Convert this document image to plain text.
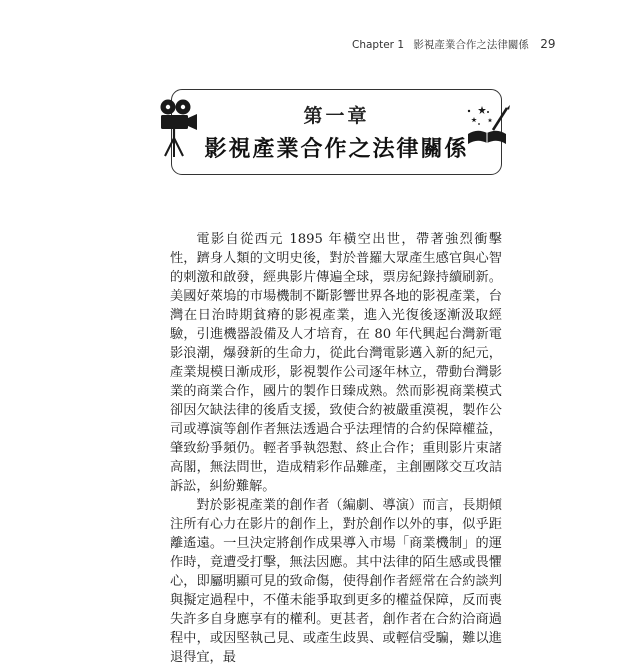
Chapter 1 影視產業合作之法律關係 29
第一章
影視產業合作之法律關係

電影自從西元 1895 年橫空出世，帶著強烈衝擊性，躋身人類的文明史後，對於普羅大眾產生感官與心智的刺激和啟發，經典影片傳遍全球，票房紀錄持續刷新。美國好萊塢的市場機制不斷影響世界各地的影視產業，台灣在日治時期貧瘠的影視產業，進入光復後逐漸汲取經驗，引進機器設備及人才培育，在 80 年代興起台灣新電影浪潮，爆發新的生命力，從此台灣電影邁入新的紀元，產業規模日漸成形，影視製作公司逐年林立，帶動台灣影業的商業合作，國片的製作日臻成熟。然而影視商業模式卻因欠缺法律的後盾支援，致使合約被嚴重漠視，製作公司或導演等創作者無法透過合乎法理情的合約保障權益，肇致紛爭頻仍。輕者爭執怨懟、終止合作；重則影片束諸高閣，無法問世，造成精彩作品難產，主創團隊交互攻詰訴訟，糾紛難解。

對於影視產業的創作者（編劇、導演）而言，長期傾注所有心力在影片的創作上，對於創作以外的事，似乎距離遙遠。一旦決定將創作成果導入市場「商業機制」的運作時，竟遭受打擊，無法因應。其中法律的陌生感或畏懼心，即屬明顯可見的致命傷，使得創作者經常在合約談判與擬定過程中，不僅未能爭取到更多的權益保障，反而喪失許多自身應享有的權利。更甚者，創作者在合約洽商過程中，或因堅執己見、或產生歧異、或輕信受騙，難以進退得宜，最
